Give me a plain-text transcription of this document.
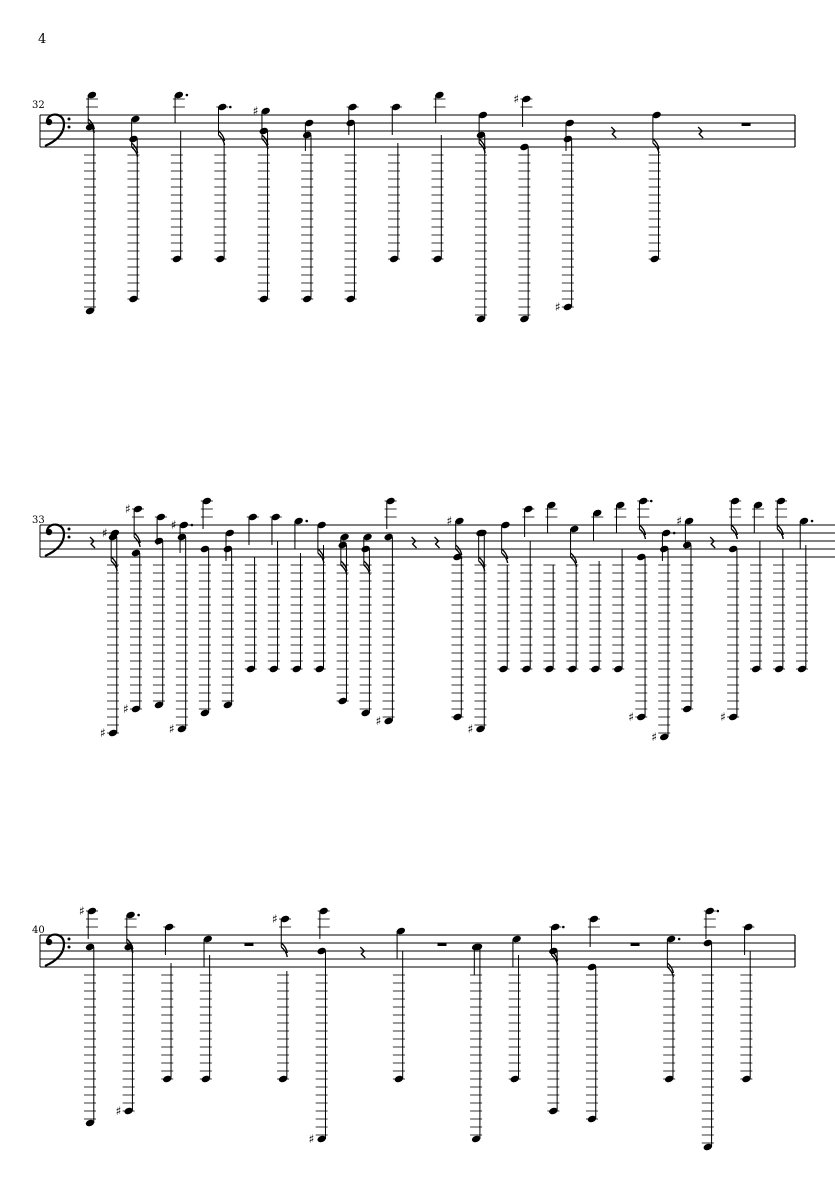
4
32	♯
♯
♯
33
♯
♯
♯
♯
♯
♯
♯
♯
♯
♯
♯
♯
♯
40
♯
♯
♯
♯
